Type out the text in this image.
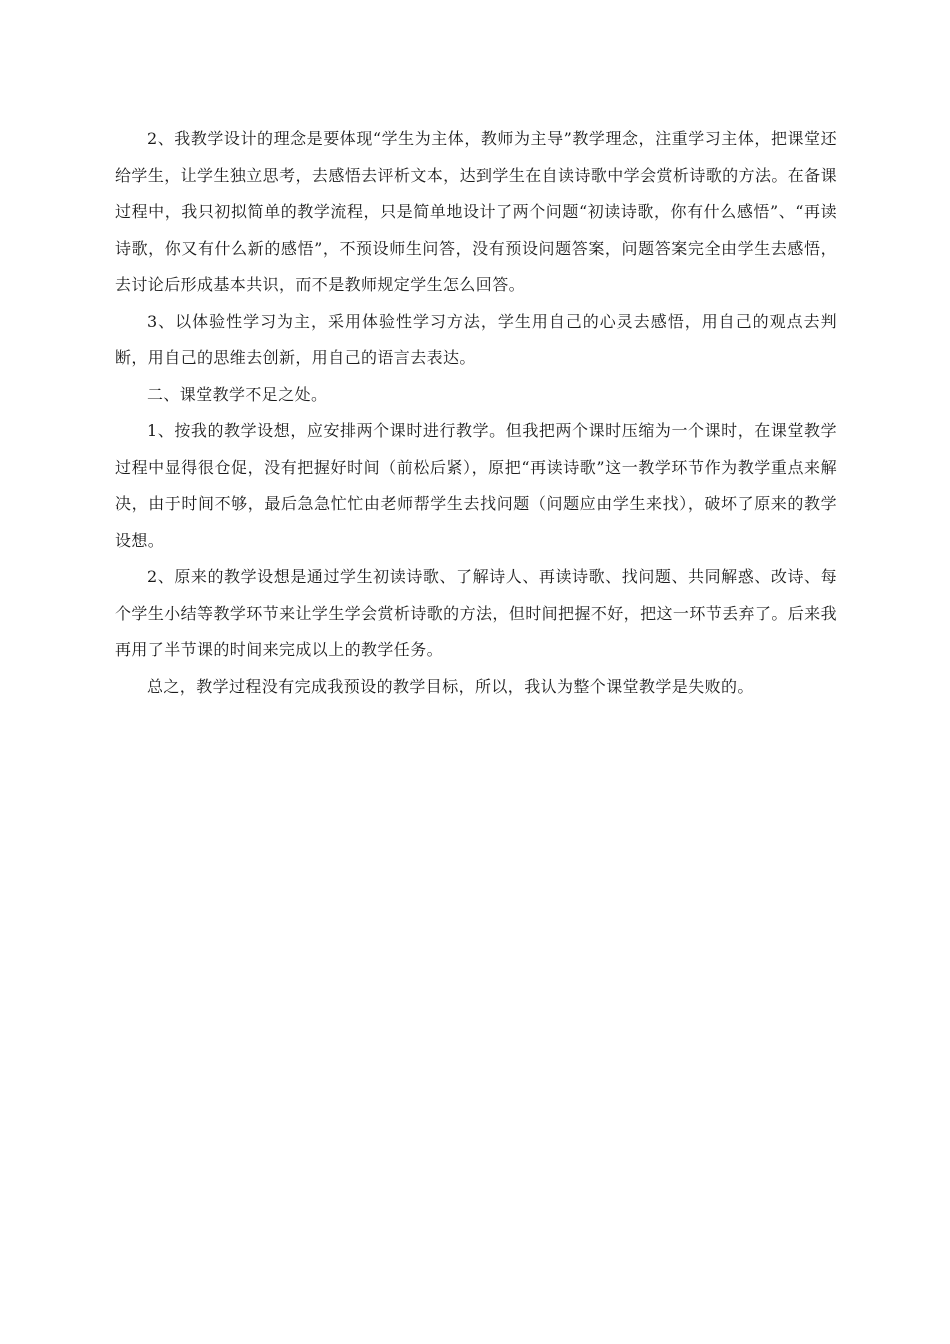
2、我教学设计的理念是要体现“学生为主体，教师为主导”教学理念，注重学习主体，把课堂还给学生，让学生独立思考，去感悟去评析文本，达到学生在自读诗歌中学会赏析诗歌的方法。在备课过程中，我只初拟简单的教学流程，只是简单地设计了两个问题“初读诗歌，你有什么感悟”、“再读诗歌，你又有什么新的感悟”，不预设师生问答，没有预设问题答案，问题答案完全由学生去感悟，去讨论后形成基本共识，而不是教师规定学生怎么回答。

3、以体验性学习为主，采用体验性学习方法，学生用自己的心灵去感悟，用自己的观点去判断，用自己的思维去创新，用自己的语言去表达。

二、课堂教学不足之处。

1、按我的教学设想，应安排两个课时进行教学。但我把两个课时压缩为一个课时，在课堂教学过程中显得很仓促，没有把握好时间（前松后紧），原把“再读诗歌”这一教学环节作为教学重点来解决，由于时间不够，最后急急忙忙由老师帮学生去找问题（问题应由学生来找），破坏了原来的教学设想。

2、原来的教学设想是通过学生初读诗歌、了解诗人、再读诗歌、找问题、共同解惑、改诗、每个学生小结等教学环节来让学生学会赏析诗歌的方法，但时间把握不好，把这一环节丢弃了。后来我再用了半节课的时间来完成以上的教学任务。

总之，教学过程没有完成我预设的教学目标，所以，我认为整个课堂教学是失败的。
